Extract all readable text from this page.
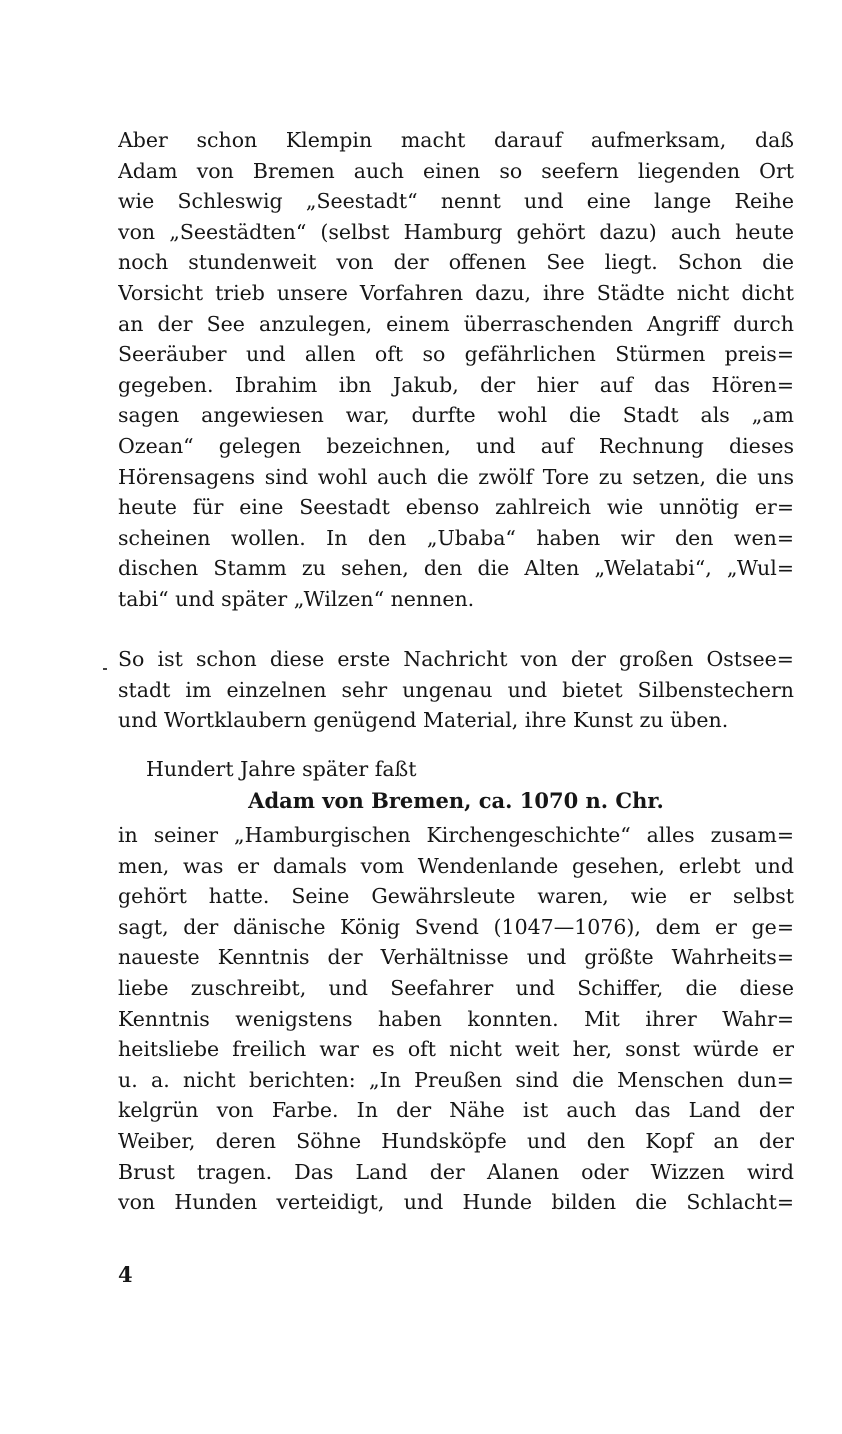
Aber schon Klempin macht darauf aufmerksam, daß
Adam von Bremen auch einen so seefern liegenden Ort
wie Schleswig „Seestadt“ nennt und eine lange Reihe
von „Seestädten“ (selbst Hamburg gehört dazu) auch heute
noch stundenweit von der offenen See liegt. Schon die
Vorsicht trieb unsere Vorfahren dazu, ihre Städte nicht dicht
an der See anzulegen, einem überraschenden Angriff durch
Seeräuber und allen oft so gefährlichen Stürmen preis=
gegeben. Ibrahim ibn Jakub, der hier auf das Hören=
sagen angewiesen war, durfte wohl die Stadt als „am
Ozean“ gelegen bezeichnen, und auf Rechnung dieses
Hörensagens sind wohl auch die zwölf Tore zu setzen, die uns
heute für eine Seestadt ebenso zahlreich wie unnötig er=
scheinen wollen. In den „Ubaba“ haben wir den wen=
dischen Stamm zu sehen, den die Alten „Welatabi“, „Wul=
tabi“ und später „Wilzen“ nennen.
So ist schon diese erste Nachricht von der großen Ostsee=
stadt im einzelnen sehr ungenau und bietet Silbenstechern
und Wortklaubern genügend Material, ihre Kunst zu üben.
Hundert Jahre später faßt
Adam von Bremen, ca. 1070 n. Chr.
in seiner „Hamburgischen Kirchengeschichte“ alles zusam=
men, was er damals vom Wendenlande gesehen, erlebt und
gehört hatte. Seine Gewährsleute waren, wie er selbst
sagt, der dänische König Svend (1047—1076), dem er ge=
naueste Kenntnis der Verhältnisse und größte Wahrheits=
liebe zuschreibt, und Seefahrer und Schiffer, die diese
Kenntnis wenigstens haben konnten. Mit ihrer Wahr=
heitsliebe freilich war es oft nicht weit her, sonst würde er
u. a. nicht berichten: „In Preußen sind die Menschen dun=
kelgrün von Farbe. In der Nähe ist auch das Land der
Weiber, deren Söhne Hundsköpfe und den Kopf an der
Brust tragen. Das Land der Alanen oder Wizzen wird
von Hunden verteidigt, und Hunde bilden die Schlacht=
4
